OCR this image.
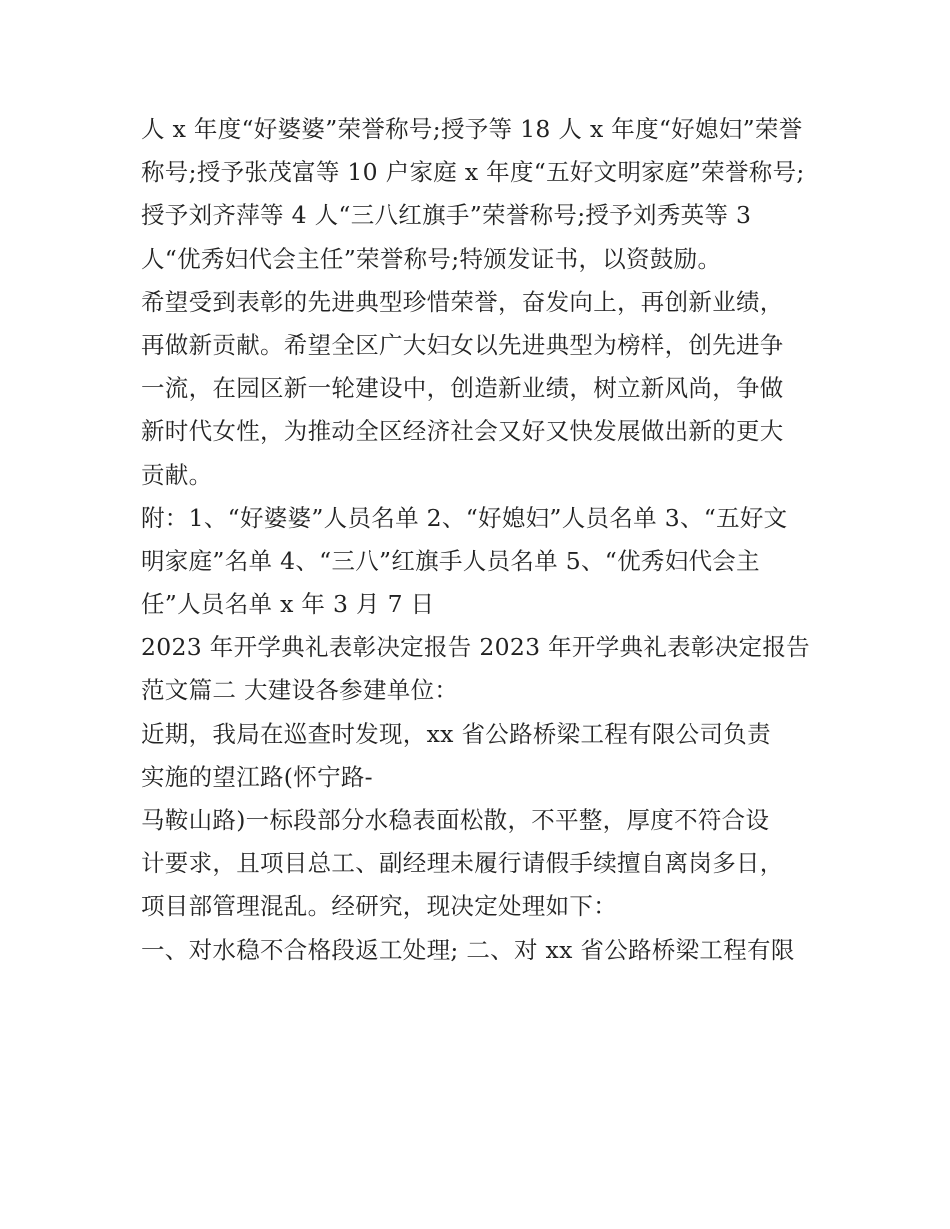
人 x 年度“好婆婆”荣誉称号;授予等 18 人 x 年度“好媳妇”荣誉
称号;授予张茂富等 10 户家庭 x 年度“五好文明家庭”荣誉称号;
授予刘齐萍等 4 人“三八红旗手”荣誉称号;授予刘秀英等 3
人“优秀妇代会主任”荣誉称号;特颁发证书，以资鼓励。
希望受到表彰的先进典型珍惜荣誉，奋发向上，再创新业绩，
再做新贡献。希望全区广大妇女以先进典型为榜样，创先进争
一流，在园区新一轮建设中，创造新业绩，树立新风尚，争做
新时代女性，为推动全区经济社会又好又快发展做出新的更大
贡献。
附：1、“好婆婆”人员名单 2、“好媳妇”人员名单 3、“五好文
明家庭”名单 4、“三八”红旗手人员名单 5、“优秀妇代会主
任”人员名单 x 年 3 月 7 日
2023 年开学典礼表彰决定报告 2023 年开学典礼表彰决定报告
范文篇二 大建设各参建单位：
近期，我局在巡查时发现，xx 省公路桥梁工程有限公司负责
实施的望江路(怀宁路-
马鞍山路)一标段部分水稳表面松散，不平整，厚度不符合设
计要求，且项目总工、副经理未履行请假手续擅自离岗多日，
项目部管理混乱。经研究，现决定处理如下：
一、对水稳不合格段返工处理; 二、对 xx 省公路桥梁工程有限
